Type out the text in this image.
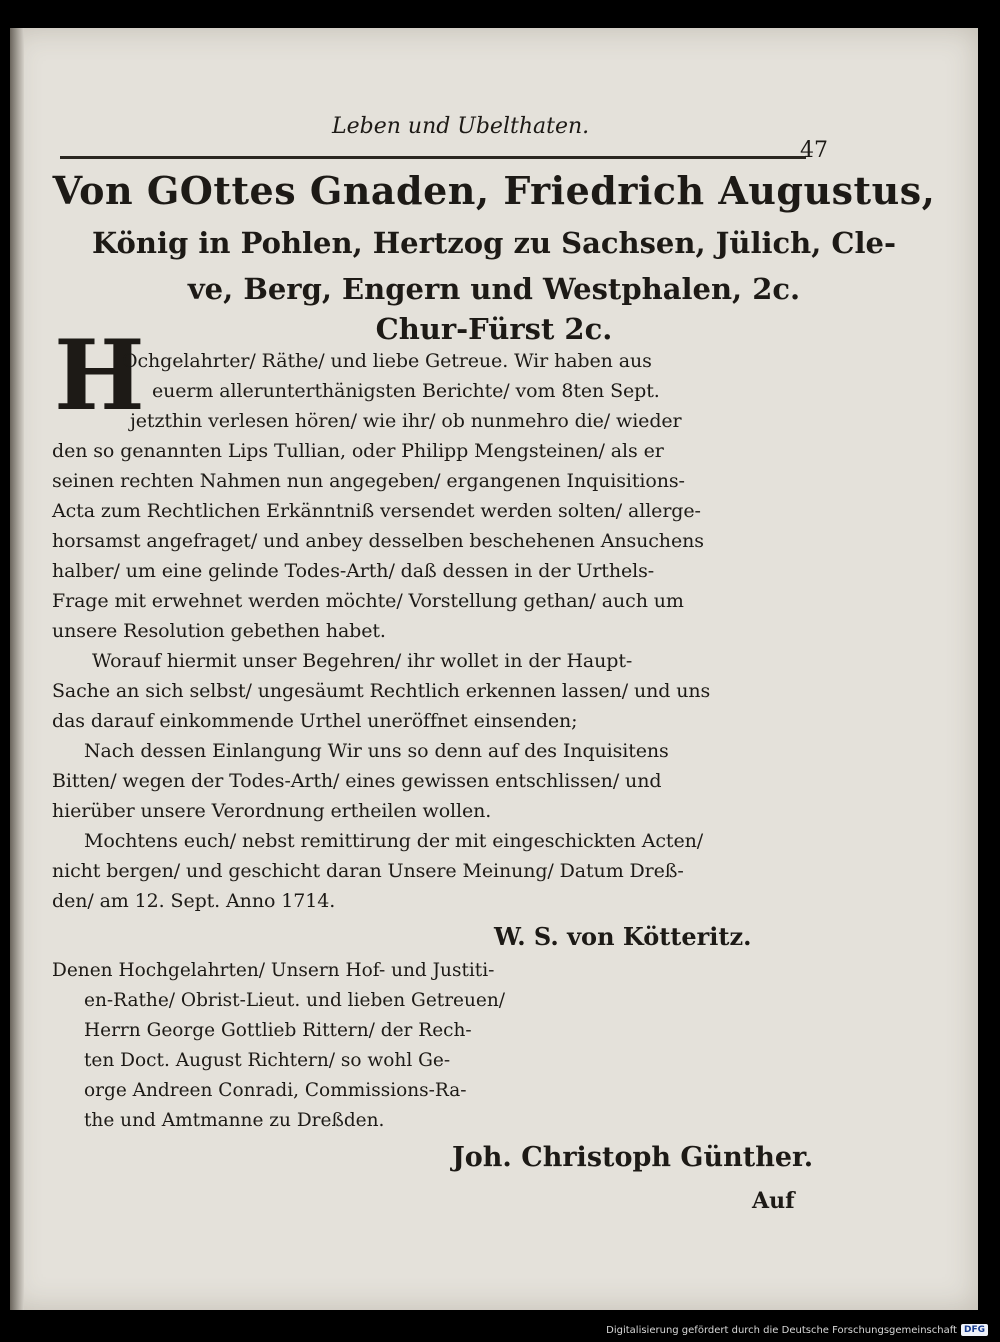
Leben und Ubelthaten.
47
Von GOttes Gnaden, Friedrich Augustus,
König in Pohlen, Hertzog zu Sachsen, Jülich, Cle-
ve, Berg, Engern und Westphalen, 2c.
Chur-Fürst 2c.
H
Ochgelahrter/ Räthe/ und liebe Getreue. Wir haben aus
euerm allerunterthänigsten Berichte/ vom 8ten Sept.
jetzthin verlesen hören/ wie ihr/ ob nunmehro die/ wieder
den so genannten Lips Tullian, oder Philipp Mengsteinen/ als er
seinen rechten Nahmen nun angegeben/ ergangenen Inquisitions-
Acta zum Rechtlichen Erkänntniß versendet werden solten/ allerge-
horsamst angefraget/ und anbey desselben beschehenen Ansuchens
halber/ um eine gelinde Todes-Arth/ daß dessen in der Urthels-
Frage mit erwehnet werden möchte/ Vorstellung gethan/ auch um
unsere Resolution gebethen habet.
Worauf hiermit unser Begehren/ ihr wollet in der Haupt-
Sache an sich selbst/ ungesäumt Rechtlich erkennen lassen/ und uns
das darauf einkommende Urthel uneröffnet einsenden;
Nach dessen Einlangung Wir uns so denn auf des Inquisitens
Bitten/ wegen der Todes-Arth/ eines gewissen entschlissen/ und
hierüber unsere Verordnung ertheilen wollen.
Mochtens euch/ nebst remittirung der mit eingeschickten Acten/
nicht bergen/ und geschicht daran Unsere Meinung/ Datum Dreß-
den/ am 12. Sept. Anno 1714.
W. S. von Kötteritz.
Denen Hochgelahrten/ Unsern Hof- und Justiti-
en-Rathe/ Obrist-Lieut. und lieben Getreuen/
Herrn George Gottlieb Rittern/ der Rech-
ten Doct. August Richtern/ so wohl Ge-
orge Andreen Conradi, Commissions-Ra-
the und Amtmanne zu Dreßden.
Joh. Christoph Günther.
Auf
Digitalisierung gefördert durch die Deutsche Forschungsgemeinschaft DFG
